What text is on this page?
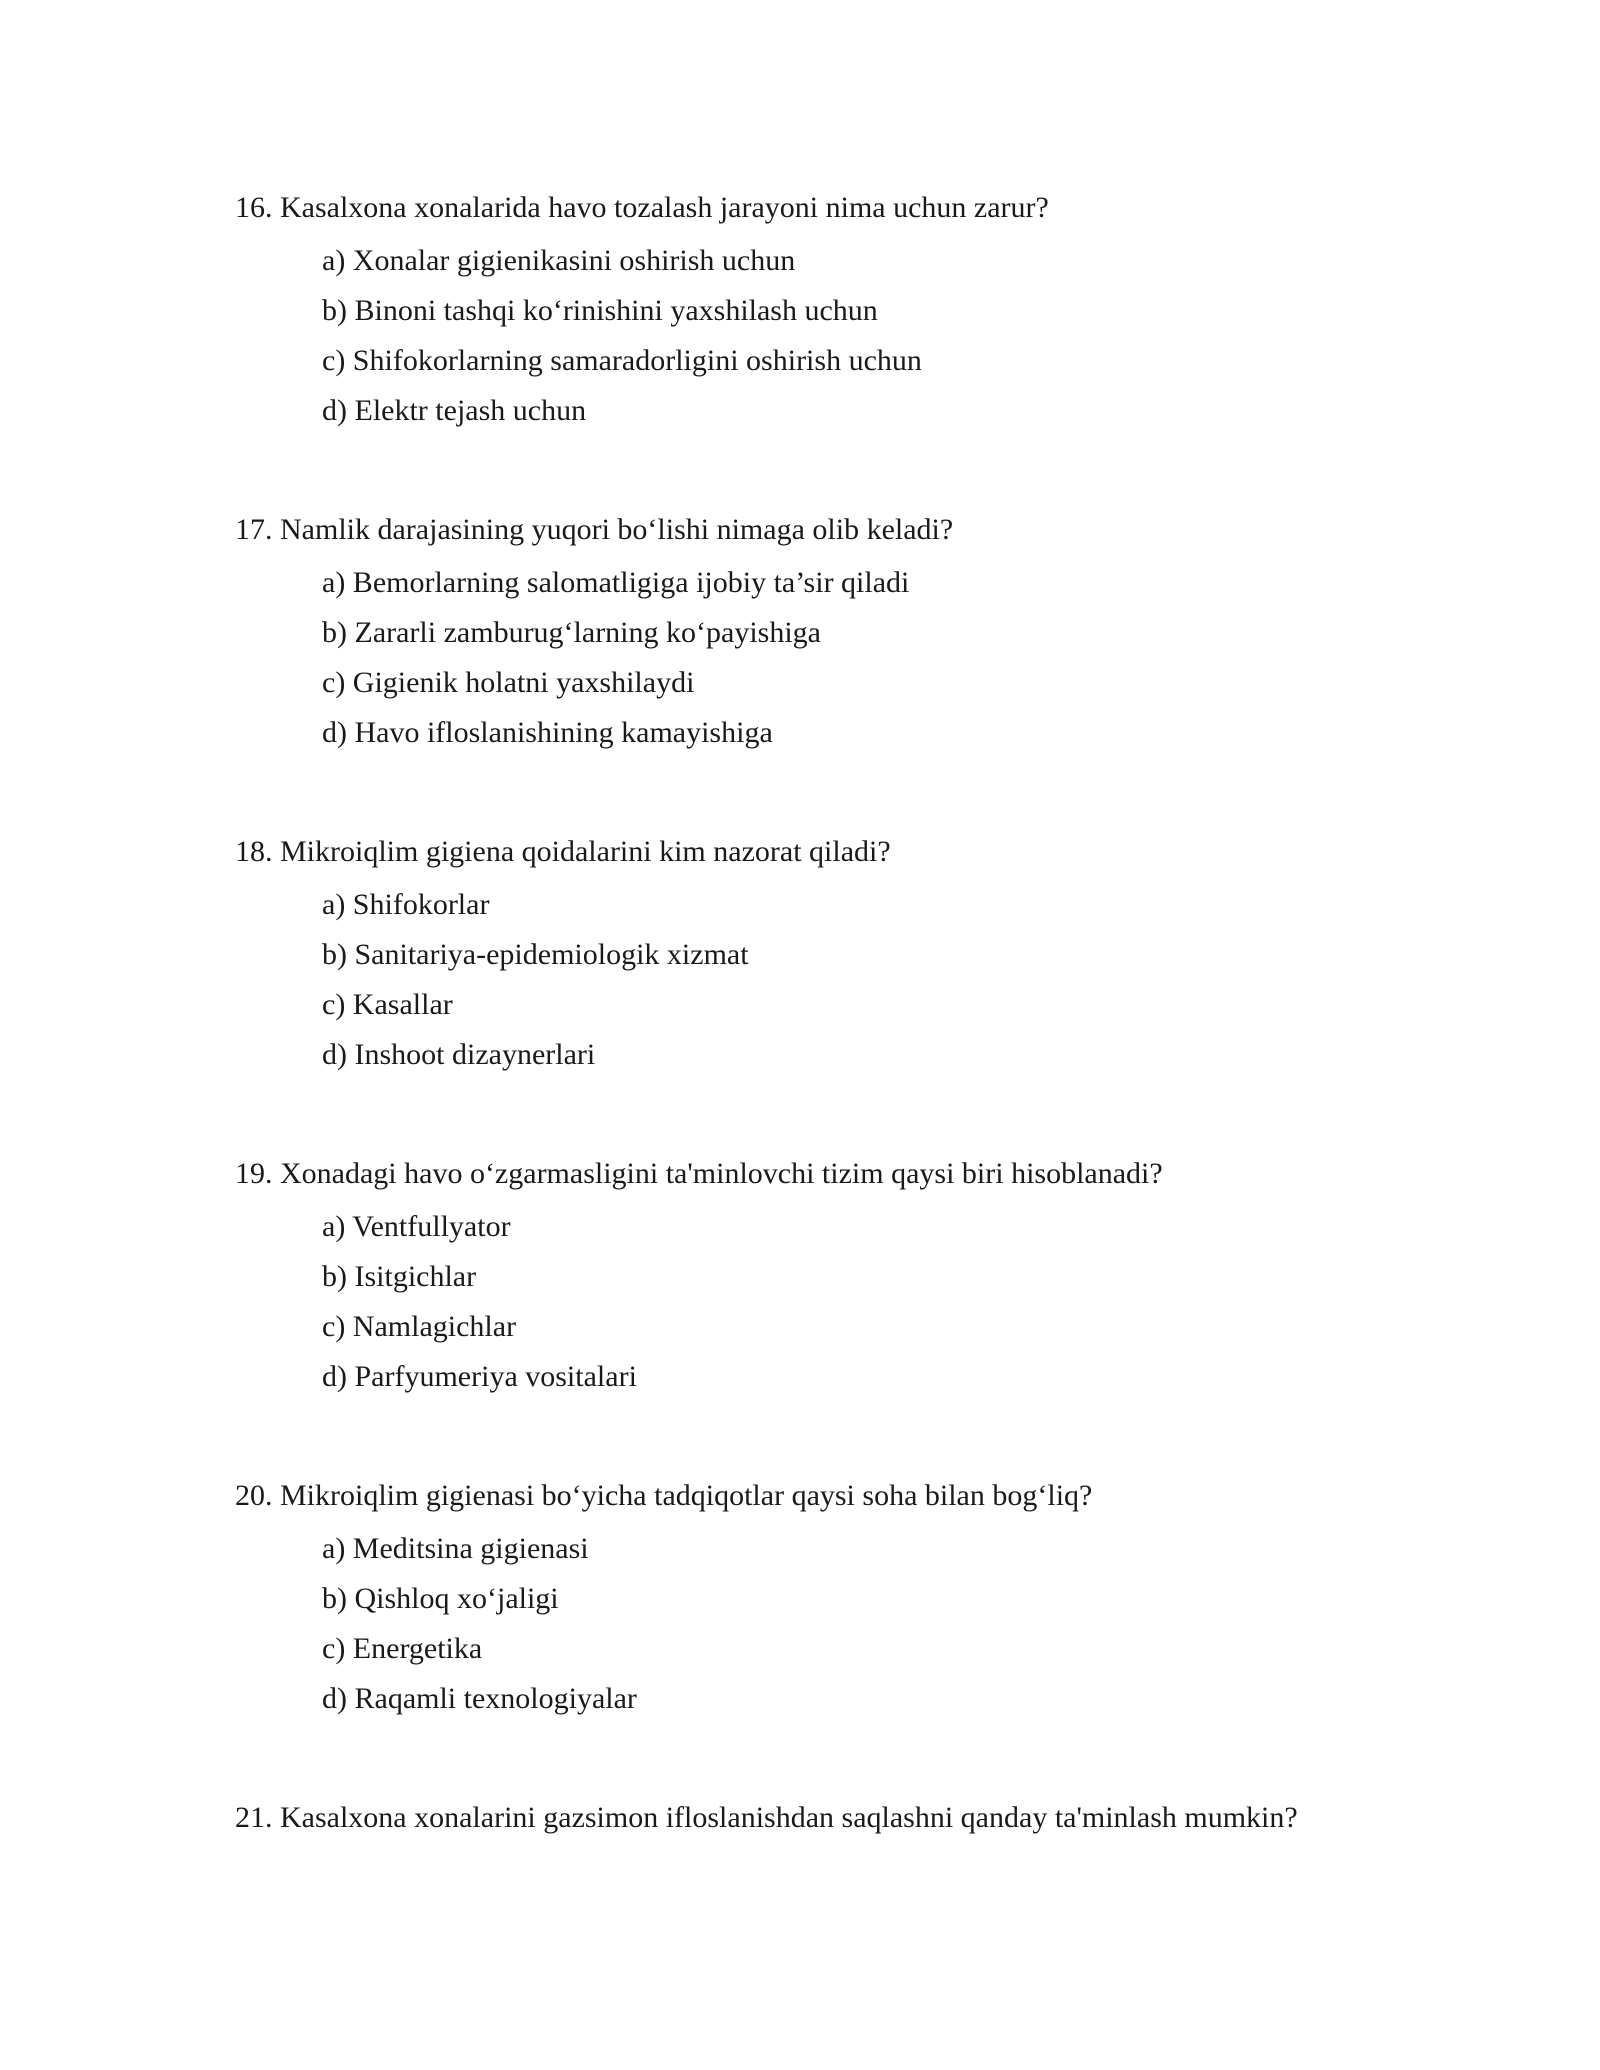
16. Kasalxona xonalarida havo tozalash jarayoni nima uchun zarur?

a) Xonalar gigienikasini oshirish uchun
b) Binoni tashqi ko‘rinishini yaxshilash uchun
c) Shifokorlarning samaradorligini oshirish uchun
d) Elektr tejash uchun

17. Namlik darajasining yuqori bo‘lishi nimaga olib keladi?

a) Bemorlarning salomatligiga ijobiy ta’sir qiladi
b) Zararli zamburug‘larning ko‘payishiga
c) Gigienik holatni yaxshilaydi
d) Havo ifloslanishining kamayishiga

18. Mikroiqlim gigiena qoidalarini kim nazorat qiladi?

a) Shifokorlar
b) Sanitariya-epidemiologik xizmat
c) Kasallar
d) Inshoot dizaynerlari

19. Xonadagi havo o‘zgarmasligini ta'minlovchi tizim qaysi biri hisoblanadi?

a) Ventfullyator
b) Isitgichlar
c) Namlagichlar
d) Parfyumeriya vositalari

20. Mikroiqlim gigienasi bo‘yicha tadqiqotlar qaysi soha bilan bog‘liq?

a) Meditsina gigienasi
b) Qishloq xo‘jaligi
c) Energetika
d) Raqamli texnologiyalar

21. Kasalxona xonalarini gazsimon ifloslanishdan saqlashni qanday ta'minlash mumkin?
